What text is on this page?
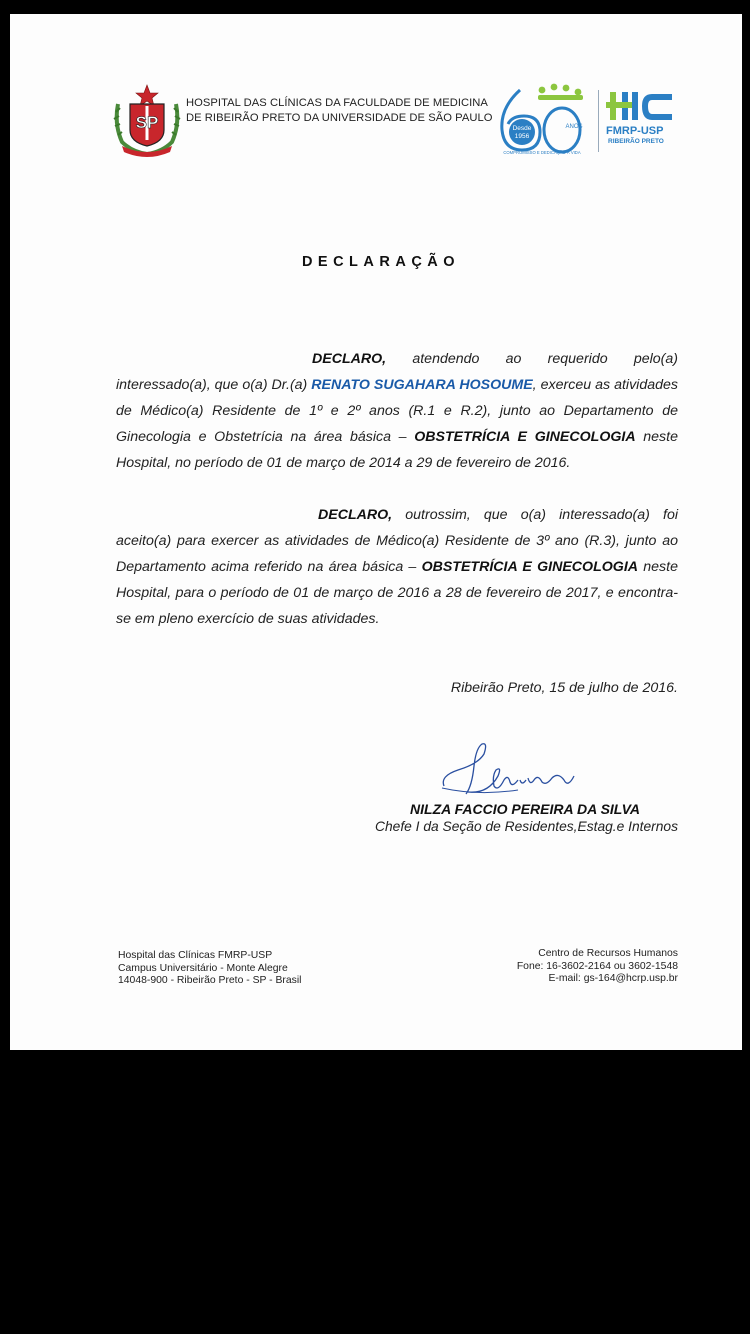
SP
HOSPITAL DAS CLÍNICAS DA FACULDADE DE MEDICINA
DE RIBEIRÃO PRETO DA UNIVERSIDADE DE SÃO PAULO
Desde
1956
ANOS
COMPROMISSO E DEDICAÇÃO À VIDA
FMRP-USP
RIBEIRÃO PRETO
DECLARAÇÃO
DECLARO, atendendo ao requerido pelo(a) interessado(a), que o(a) Dr.(a) RENATO SUGAHARA HOSOUME, exerceu as atividades de Médico(a) Residente de 1º e 2º anos (R.1 e R.2), junto ao Departamento de Ginecologia e Obstetrícia na área básica – OBSTETRÍCIA E GINECOLOGIA neste Hospital, no período de 01 de março de 2014 a 29 de fevereiro de 2016.
DECLARO, outrossim, que o(a) interessado(a) foi aceito(a) para exercer as atividades de Médico(a) Residente de 3º ano (R.3), junto ao Departamento acima referido na área básica – OBSTETRÍCIA E GINECOLOGIA neste Hospital, para o período de 01 de março de 2016 a 28 de fevereiro de 2017, e encontra-se em pleno exercício de suas atividades.
Ribeirão Preto, 15 de julho de 2016.
NILZA FACCIO PEREIRA DA SILVA
Chefe I da Seção de Residentes,Estag.e Internos
Hospital das Clínicas FMRP-USP
Campus Universitário - Monte Alegre
14048-900 - Ribeirão Preto - SP - Brasil
Centro de Recursos Humanos
Fone: 16-3602-2164 ou 3602-1548
E-mail: gs-164@hcrp.usp.br
